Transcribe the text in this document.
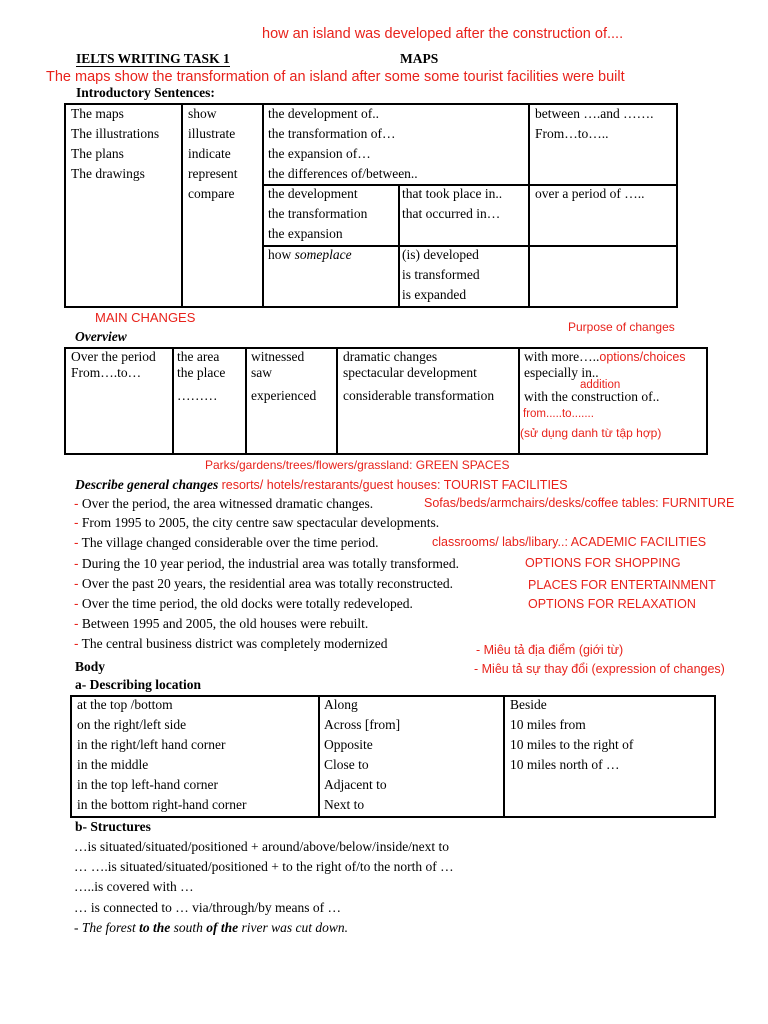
how an island was developed after the construction of....
IELTS WRITING TASK 1	MAPS
The maps show the transformation of an island after some some tourist facilities were built
Introductory Sentences:
The maps
The illustrations
The plans
The drawings
show
illustrate
indicate
represent
compare
the development of..
the transformation of…
the expansion of…
the differences of/between..
the development
the transformation
the expansion
how someplace
that took place in..
that occurred in…
(is) developed
is transformed
is expanded
between ….and …….
From…to…..
over a period of …..
MAIN CHANGES
Purpose of changes
Overview
Over the period
From….to…
the area
the place
………
witnessed
saw
experienced
dramatic changes
spectacular development
considerable transformation
with more…..options/choices
especially in..
addition
with the construction of..
from.....to.......
(sử dụng danh từ tập hợp)
Parks/gardens/trees/flowers/grassland: GREEN SPACES
Describe general changes resorts/ hotels/restarants/guest houses: TOURIST FACILITIES
- Over the period, the area witnessed dramatic changes.
- From 1995 to 2005, the city centre saw spectacular developments.
- The village changed considerable over the time period.
- During the 10 year period, the industrial area was totally transformed.
- Over the past 20 years, the residential area was totally reconstructed.
- Over the time period, the old docks were totally redeveloped.
- Between 1995 and 2005, the old houses were rebuilt.
- The central business district was completely modernized
Sofas/beds/armchairs/desks/coffee tables: FURNITURE
classrooms/ labs/libary..: ACADEMIC FACILITIES
OPTIONS FOR SHOPPING
PLACES FOR ENTERTAINMENT
OPTIONS FOR RELAXATION
- Miêu tả địa điểm (giới từ)
- Miêu tả sự thay đổi (expression of changes)
Body
a- Describing location
at the top /bottom
on the right/left side
in the right/left hand corner
in the middle
in the top left-hand corner
in the bottom right-hand corner
Along
Across [from]
Opposite
Close to
Adjacent to
Next to
Beside
10 miles from
10 miles to the right of
10 miles north of …
b- Structures
…is situated/situated/positioned + around/above/below/inside/next to
… ….is situated/situated/positioned + to the right of/to the north of …
…..is covered with …
… is connected to … via/through/by means of …
- The forest to the south of the river was cut down.
